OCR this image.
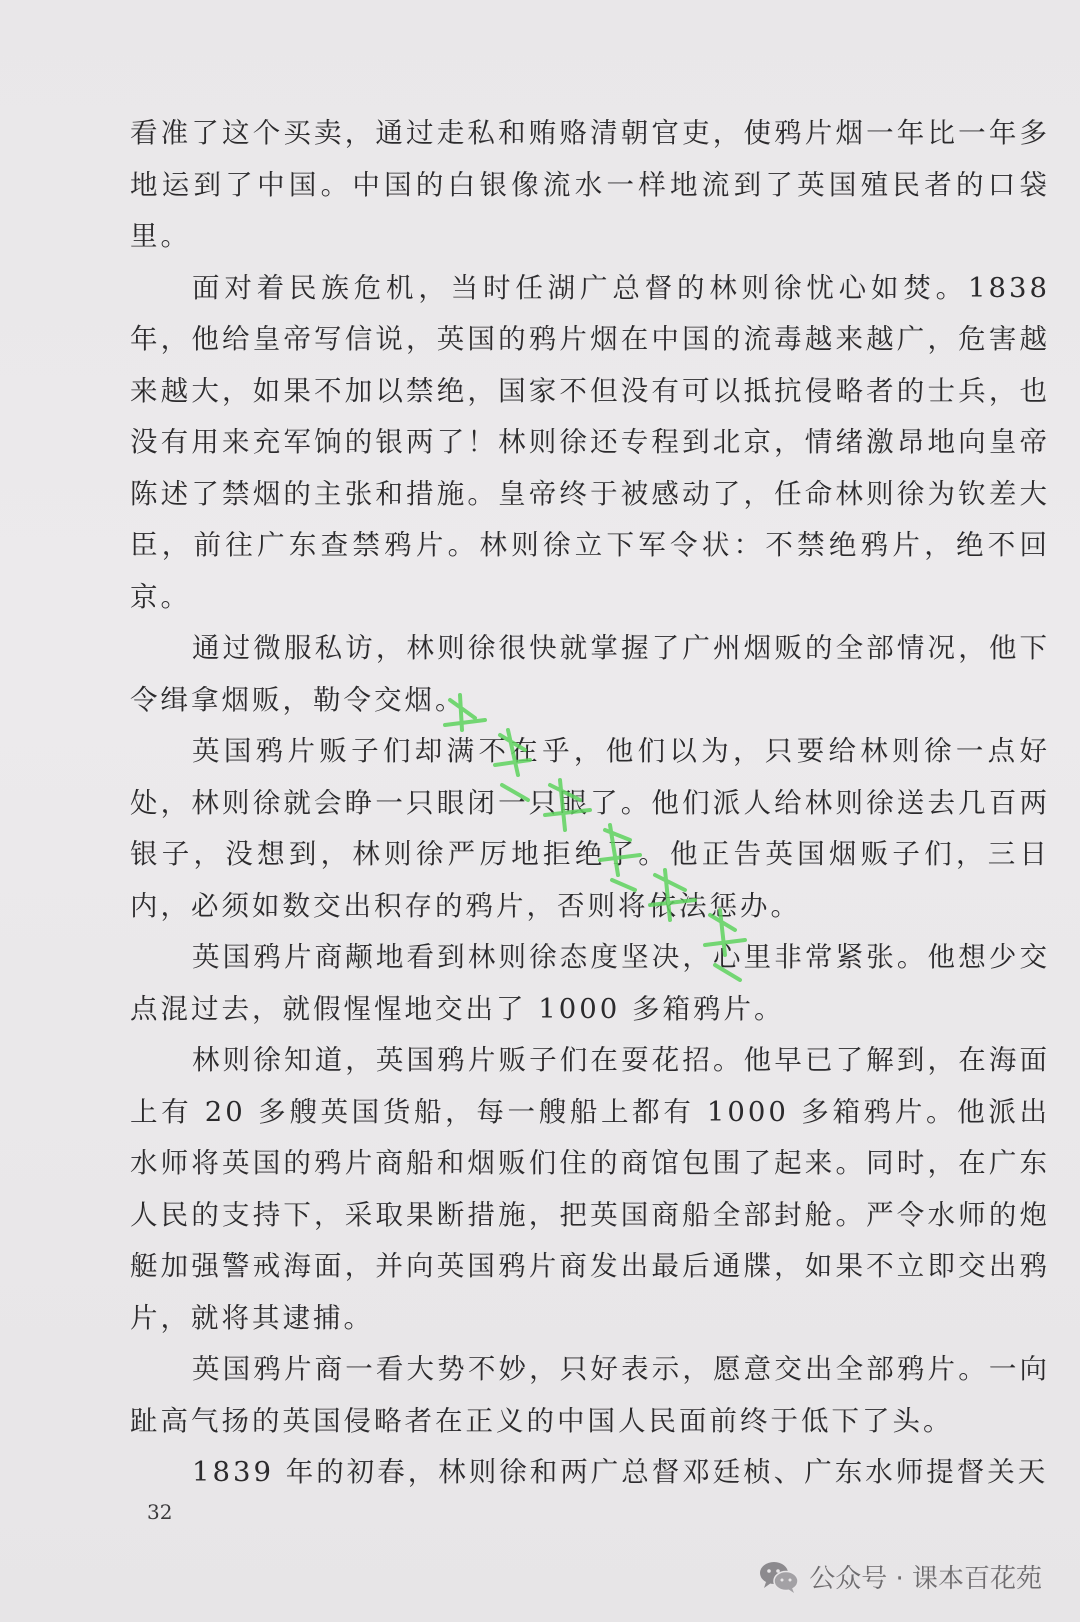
看准了这个买卖，通过走私和贿赂清朝官吏，使鸦片烟一年比一年多地运到了中国。中国的白银像流水一样地流到了英国殖民者的口袋里。

面对着民族危机，当时任湖广总督的林则徐忧心如焚。1838年，他给皇帝写信说，英国的鸦片烟在中国的流毒越来越广，危害越来越大，如果不加以禁绝，国家不但没有可以抵抗侵略者的士兵，也没有用来充军饷的银两了！林则徐还专程到北京，情绪激昂地向皇帝陈述了禁烟的主张和措施。皇帝终于被感动了，任命林则徐为钦差大臣，前往广东查禁鸦片。林则徐立下军令状：不禁绝鸦片，绝不回京。

通过微服私访，林则徐很快就掌握了广州烟贩的全部情况，他下令缉拿烟贩，勒令交烟。

英国鸦片贩子们却满不在乎，他们以为，只要给林则徐一点好处，林则徐就会睁一只眼闭一只眼了。他们派人给林则徐送去几百两银子，没想到，林则徐严厉地拒绝了。他正告英国烟贩子们，三日内，必须如数交出积存的鸦片，否则将依法惩办。

英国鸦片商颟地看到林则徐态度坚决，心里非常紧张。他想少交点混过去，就假惺惺地交出了 1000 多箱鸦片。

林则徐知道，英国鸦片贩子们在耍花招。他早已了解到，在海面上有 20 多艘英国货船，每一艘船上都有 1000 多箱鸦片。他派出水师将英国的鸦片商船和烟贩们住的商馆包围了起来。同时，在广东人民的支持下，采取果断措施，把英国商船全部封舱。严令水师的炮艇加强警戒海面，并向英国鸦片商发出最后通牒，如果不立即交出鸦片，就将其逮捕。

英国鸦片商一看大势不妙，只好表示，愿意交出全部鸦片。一向趾高气扬的英国侵略者在正义的中国人民面前终于低下了头。

1839 年的初春，林则徐和两广总督邓廷桢、广东水师提督关天

32
公众号 · 课本百花苑
